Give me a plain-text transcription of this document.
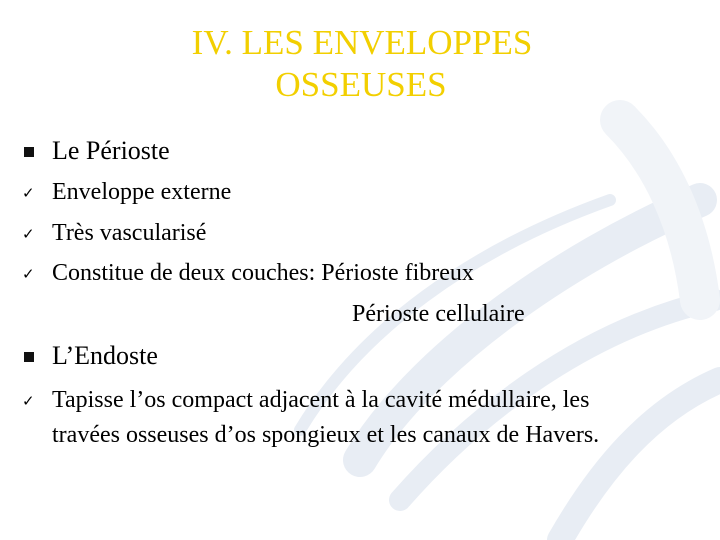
IV. LES ENVELOPPES
OSSEUSES
Le Périoste
✓ Enveloppe externe
✓ Très vascularisé
✓ Constitue de deux couches: Périoste fibreux
Périoste cellulaire
L’Endoste
✓ Tapisse l’os compact adjacent à la cavité médullaire, les
travées osseuses d’os spongieux et les canaux de Havers.
